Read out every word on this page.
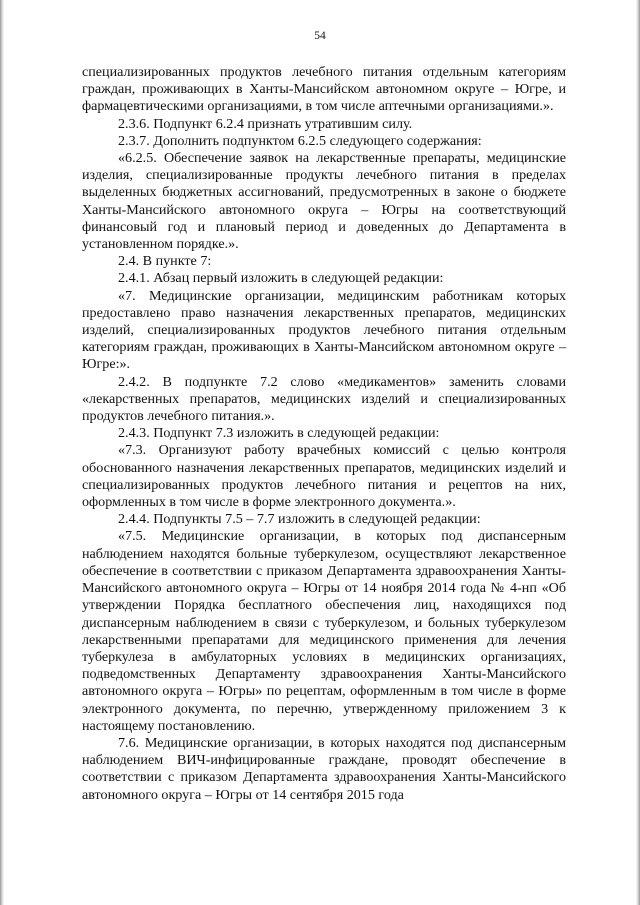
54

специализированных продуктов лечебного питания отдельным категориям граждан, проживающих в Ханты-Мансийском автономном округе – Югре, и фармацевтическими организациями, в том числе аптечными организациями.».

2.3.6. Подпункт 6.2.4 признать утратившим силу.

2.3.7. Дополнить подпунктом 6.2.5 следующего содержания:

«6.2.5. Обеспечение заявок на лекарственные препараты, медицинские изделия, специализированные продукты лечебного питания в пределах выделенных бюджетных ассигнований, предусмотренных в законе о бюджете Ханты-Мансийского автономного округа – Югры на соответствующий финансовый год и плановый период и доведенных до Департамента в установленном порядке.».

2.4. В пункте 7:

2.4.1. Абзац первый изложить в следующей редакции:

«7. Медицинские организации, медицинским работникам которых предоставлено право назначения лекарственных препаратов, медицинских изделий, специализированных продуктов лечебного питания отдельным категориям граждан, проживающих в Ханты-Мансийском автономном округе – Югре:».

2.4.2. В подпункте 7.2 слово «медикаментов» заменить словами «лекарственных препаратов, медицинских изделий и специализированных продуктов лечебного питания.».

2.4.3. Подпункт 7.3 изложить в следующей редакции:

«7.3. Организуют работу врачебных комиссий с целью контроля обоснованного назначения лекарственных препаратов, медицинских изделий и специализированных продуктов лечебного питания и рецептов на них, оформленных в том числе в форме электронного документа.».

2.4.4. Подпункты 7.5 – 7.7 изложить в следующей редакции:

«7.5. Медицинские организации, в которых под диспансерным наблюдением находятся больные туберкулезом, осуществляют лекарственное обеспечение в соответствии с приказом Департамента здравоохранения Ханты-Мансийского автономного округа – Югры от 14 ноября 2014 года № 4-нп «Об утверждении Порядка бесплатного обеспечения лиц, находящихся под диспансерным наблюдением в связи с туберкулезом, и больных туберкулезом лекарственными препаратами для медицинского применения для лечения туберкулеза в амбулаторных условиях в медицинских организациях, подведомственных Департаменту здравоохранения Ханты-Мансийского автономного округа – Югры» по рецептам, оформленным в том числе в форме электронного документа, по перечню, утвержденному приложением 3 к настоящему постановлению.

7.6. Медицинские организации, в которых находятся под диспансерным наблюдением ВИЧ-инфицированные граждане, проводят обеспечение в соответствии с приказом Департамента здравоохранения Ханты-Мансийского автономного округа – Югры от 14 сентября 2015 года
